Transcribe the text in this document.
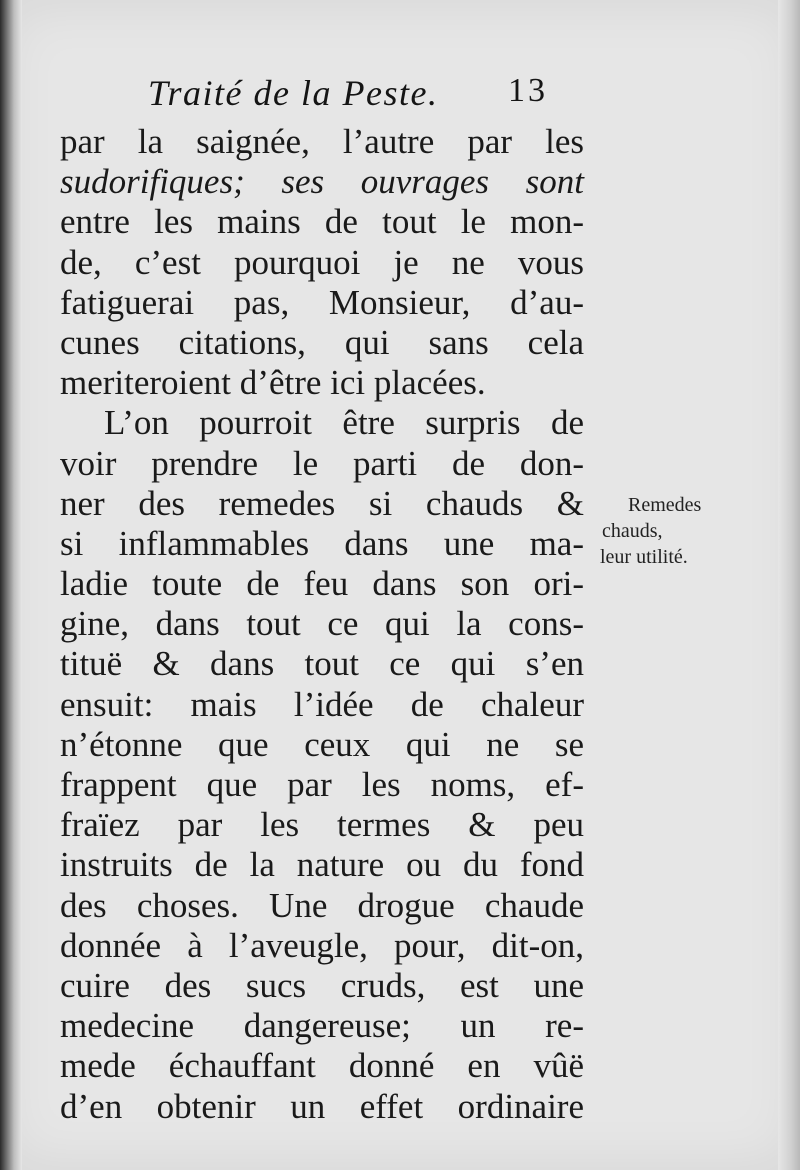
Traité de la Peste. 13
par la saignée, l’autre par les
sudorifiques; ses ouvrages sont
entre les mains de tout le mon-
de, c’est pourquoi je ne vous
fatiguerai pas, Monsieur, d’au-
cunes citations, qui sans cela
meriteroient d’être ici placées.
L’on pourroit être surpris de
voir prendre le parti de don-
ner des remedes si chauds &
si inflammables dans une ma-
ladie toute de feu dans son ori-
gine, dans tout ce qui la cons-
tituë & dans tout ce qui s’en
ensuit: mais l’idée de chaleur
n’étonne que ceux qui ne se
frappent que par les noms, ef-
fraïez par les termes & peu
instruits de la nature ou du fond
des choses. Une drogue chaude
donnée à l’aveugle, pour, dit-on,
cuire des sucs cruds, est une
medecine dangereuse; un re-
mede échauffant donné en vûë
d’en obtenir un effet ordinaire
Remedes
chauds,
leur utilité.
